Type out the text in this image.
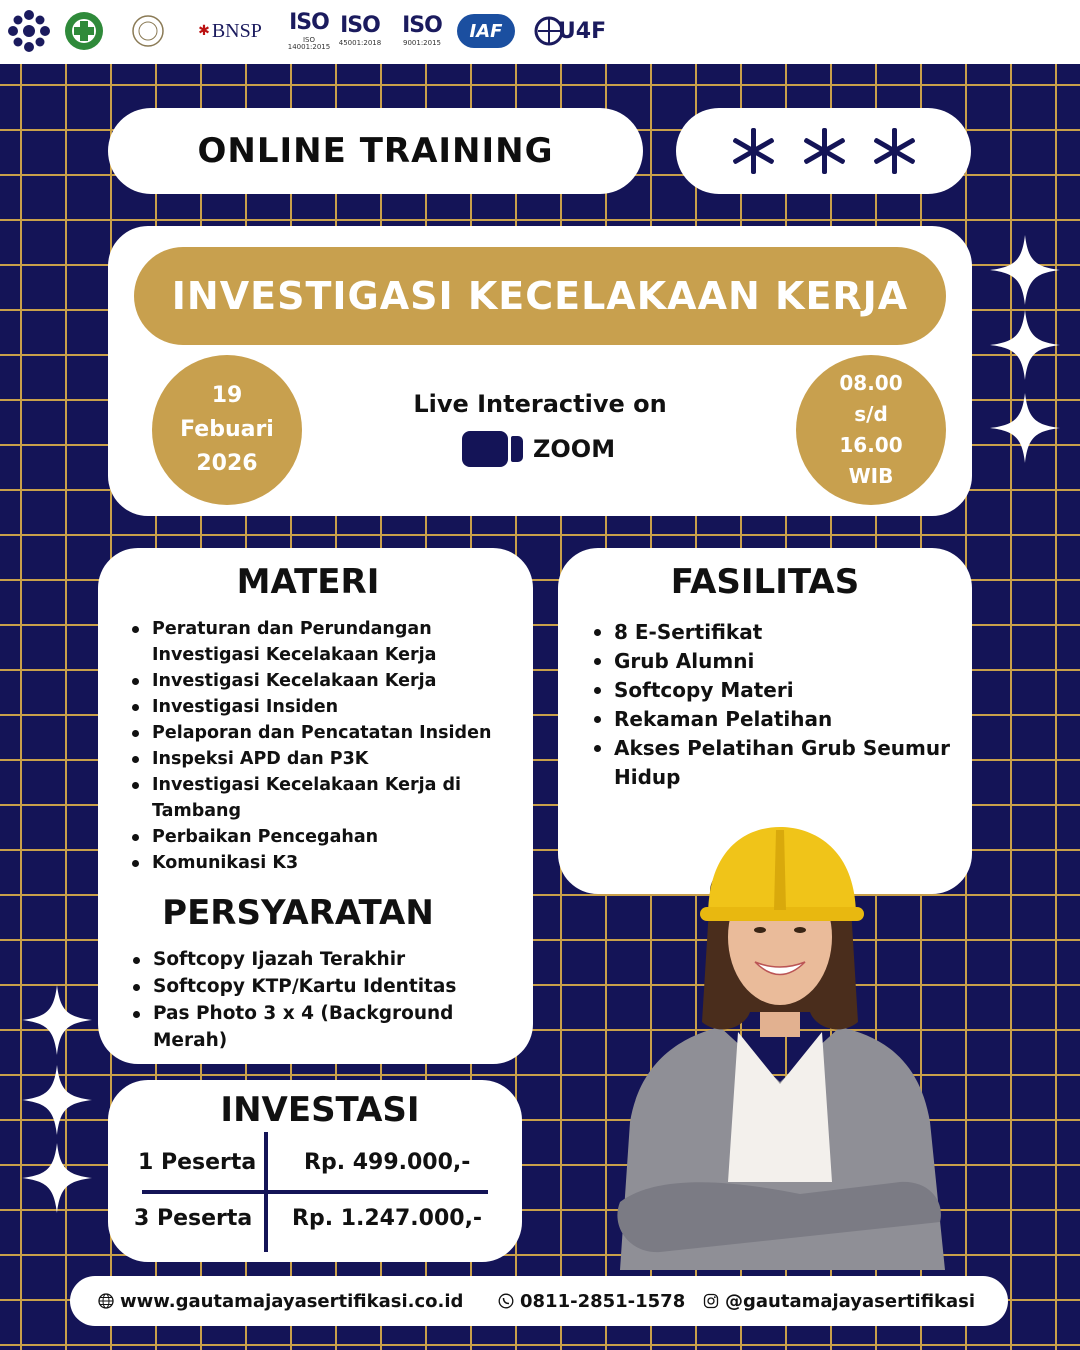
✱ BNSP ISO
ISO 14001:2015
ISO
45001:2018
ISO
9001:2015
IAF	U4F
ONLINE TRAINING
INVESTIGASI KECELAKAAN KERJA
19
Febuari
2026
Live Interactive on
ZOOM
08.00
s/d
16.00
WIB
MATERI
Peraturan dan Perundangan Investigasi Kecelakaan Kerja
Investigasi Kecelakaan Kerja
Investigasi Insiden
Pelaporan dan Pencatatan Insiden
Inspeksi APD dan P3K
Investigasi Kecelakaan Kerja di Tambang
Perbaikan Pencegahan
Komunikasi K3
PERSYARATAN
Softcopy Ijazah Terakhir
Softcopy KTP/Kartu Identitas
Pas Photo 3 x 4 (Background Merah)
FASILITAS
8 E-Sertifikat
Grub Alumni
Softcopy Materi
Rekaman Pelatihan
Akses Pelatihan Grub Seumur Hidup
INVESTASI
1 Peserta Rp. 499.000,-
3 Peserta Rp. 1.247.000,-
www.gautamajayasertifikasi.co.id	0811-2851-1578 @gautamajayasertifikasi
